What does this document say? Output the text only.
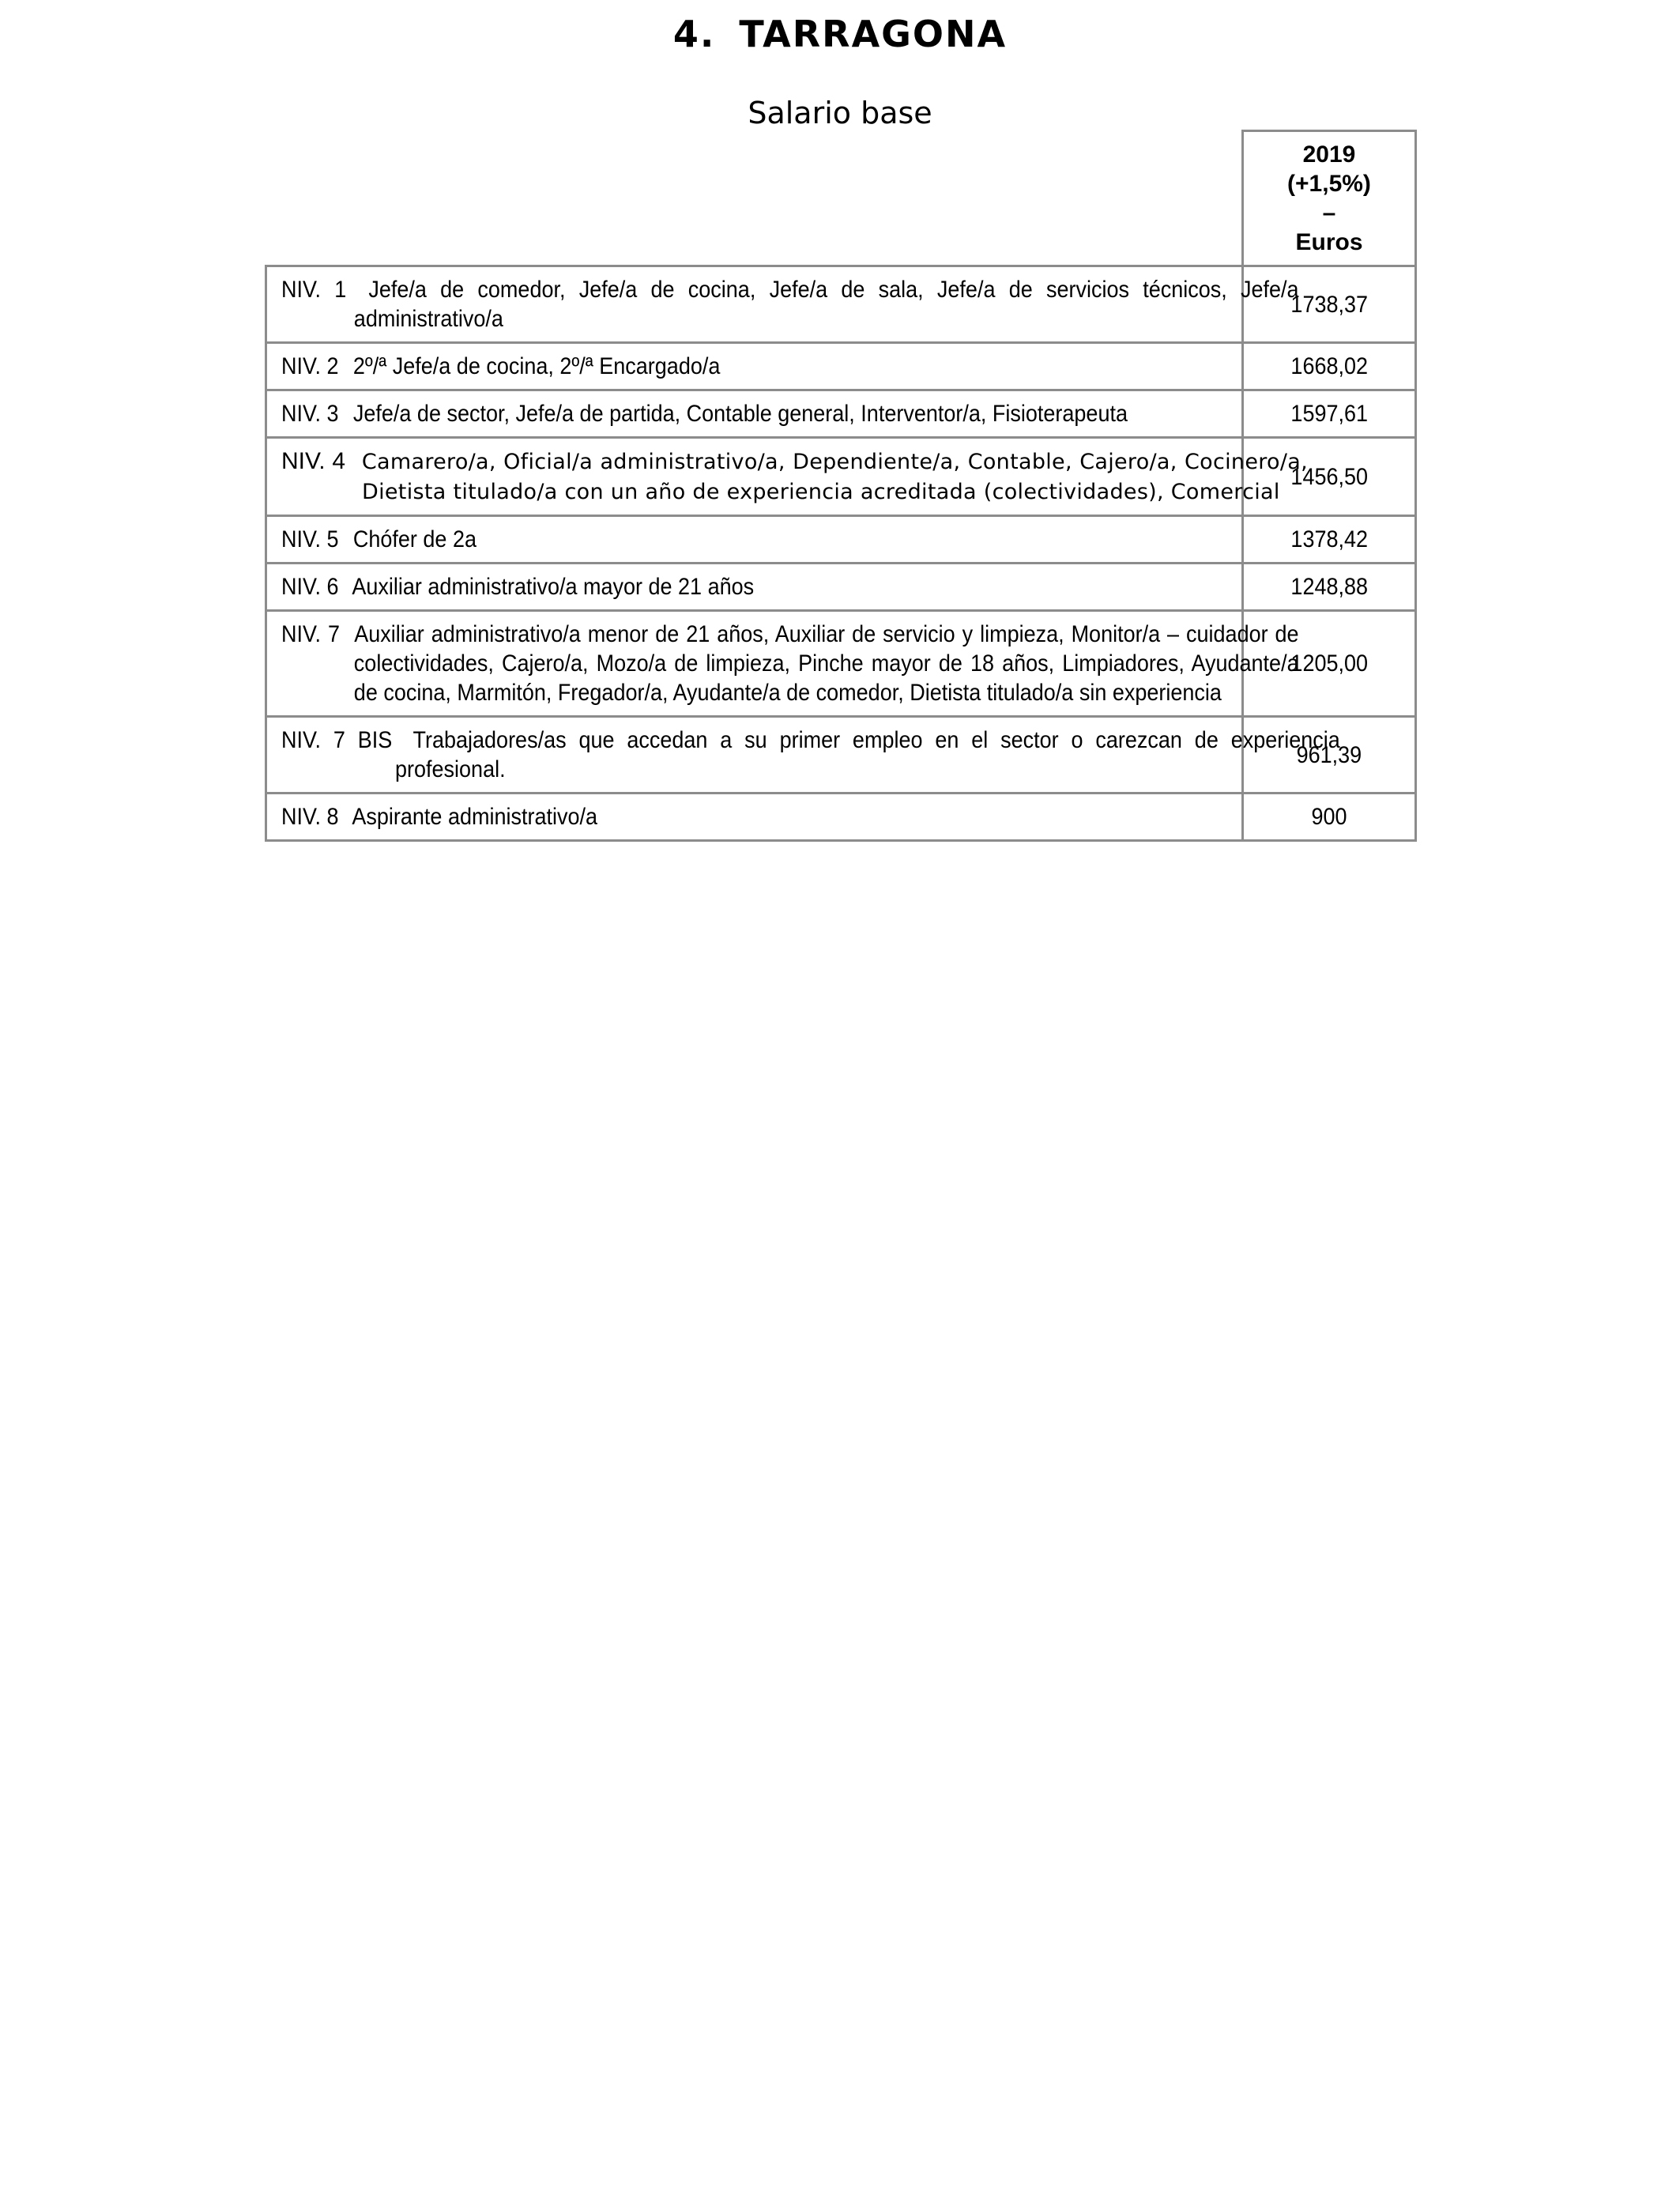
4. TARRAGONA
Salario base

	2019
(+1,5%)
–
Euros

NIV. 1 Jefe/a de comedor, Jefe/a de cocina, Jefe/a de sala, Jefe/a de servicios técnicos, Jefe/a administrativo/a	1738,37

NIV. 2 2º/ª Jefe/a de cocina, 2º/ª Encargado/a	1668,02

NIV. 3 Jefe/a de sector, Jefe/a de partida, Contable general, Interventor/a, Fisioterapeuta	1597,61

NIV. 4 Camarero/a, Oficial/a administrativo/a, Dependiente/a, Contable, Cajero/a, Cocinero/a, Dietista titulado/a con un año de experiencia acreditada (colectividades), Comercial	1456,50

NIV. 5 Chófer de 2a	1378,42

NIV. 6 Auxiliar administrativo/a mayor de 21 años	1248,88

NIV. 7 Auxiliar administrativo/a menor de 21 años, Auxiliar de servicio y limpieza, Monitor/a – cuidador de colectividades, Cajero/a, Mozo/a de limpieza, Pinche mayor de 18 años, Limpiadores, Ayudante/a de cocina, Marmitón, Fregador/a, Ayudante/a de comedor, Dietista titulado/a sin experiencia	1205,00

NIV. 7 BIS Trabajadores/as que accedan a su primer empleo en el sector o carezcan de experiencia profesional.	961,39

NIV. 8 Aspirante administrativo/a	900
